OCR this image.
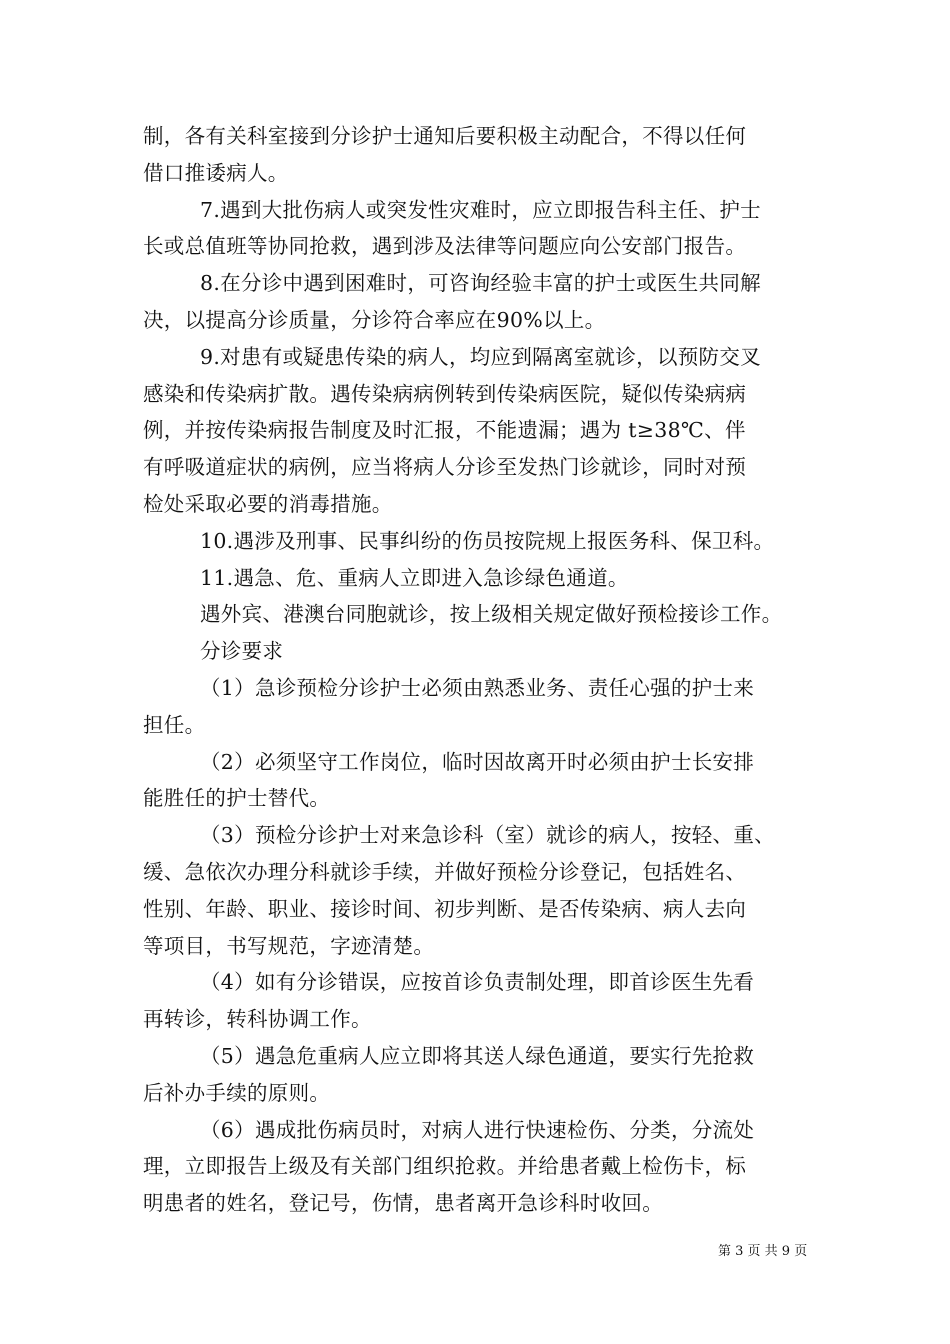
制，各有关科室接到分诊护士通知后要积极主动配合，不得以任何
借口推诿病人。
7.遇到大批伤病人或突发性灾难时，应立即报告科主任、护士
长或总值班等协同抢救，遇到涉及法律等问题应向公安部门报告。
8.在分诊中遇到困难时，可咨询经验丰富的护士或医生共同解
决，以提高分诊质量，分诊符合率应在90%以上。
9.对患有或疑患传染的病人，均应到隔离室就诊，以预防交叉
感染和传染病扩散。遇传染病病例转到传染病医院，疑似传染病病
例，并按传染病报告制度及时汇报，不能遗漏；遇为 t≥38℃、伴
有呼吸道症状的病例，应当将病人分诊至发热门诊就诊，同时对预
检处采取必要的消毒措施。
10.遇涉及刑事、民事纠纷的伤员按院规上报医务科、保卫科。
11.遇急、危、重病人立即进入急诊绿色通道。
遇外宾、港澳台同胞就诊，按上级相关规定做好预检接诊工作。
分诊要求
（1）急诊预检分诊护士必须由熟悉业务、责任心强的护士来
担任。
（2）必须坚守工作岗位，临时因故离开时必须由护士长安排
能胜任的护士替代。
（3）预检分诊护士对来急诊科（室）就诊的病人，按轻、重、
缓、急依次办理分科就诊手续，并做好预检分诊登记，包括姓名、
性别、年龄、职业、接诊时间、初步判断、是否传染病、病人去向
等项目，书写规范，字迹清楚。
（4）如有分诊错误，应按首诊负责制处理，即首诊医生先看
再转诊，转科协调工作。
（5）遇急危重病人应立即将其送人绿色通道，要实行先抢救
后补办手续的原则。
（6）遇成批伤病员时，对病人进行快速检伤、分类，分流处
理，立即报告上级及有关部门组织抢救。并给患者戴上检伤卡，标
明患者的姓名，登记号，伤情，患者离开急诊科时收回。
第 3 页 共 9 页
